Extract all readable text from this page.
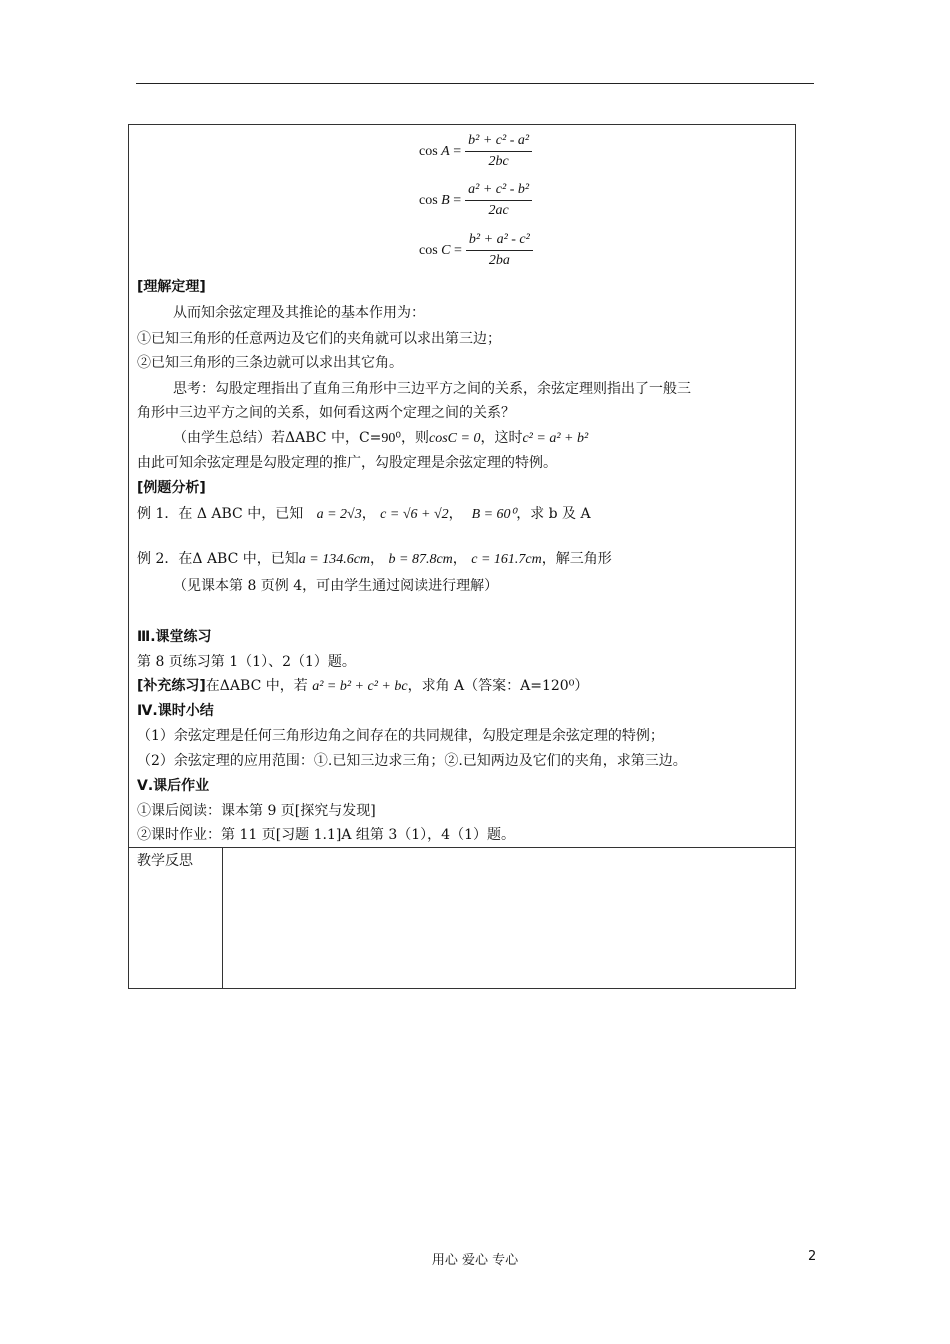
cos
$A = \frac{\text{b² + c² - a²}}{2bc}$
cos
$B = \frac{\text{a² + c² - b²}}{2ac}$
cos
$C = \frac{\text{b² + a² - c²}}{2ba}$
[理解定理]
从而知余弦定理及其推论的基本作用为：
①已知三角形的任意两边及它们的夹角就可以求出第三边；
②已知三角形的三条边就可以求出其它角。
思考：勾股定理指出了直角三角形中三边平方之间的关系，余弦定理则指出了一般三
角形中三边平方之间的关系，如何看这两个定理之间的关系？
（由学生总结）若ΔABC 中，C=90⁰，则cosC = 0，这时c² = a² + b²
由此可知余弦定理是勾股定理的推广，勾股定理是余弦定理的特例。
[例题分析]
例 1．在 Δ ABC 中，已知 a = 2√3， c = √6 + √2，  B = 60⁰，求 b 及 A
例 2．在Δ ABC 中，已知a = 134.6cm， b = 87.8cm， c = 161.7cm，解三角形
（见课本第 8 页例 4，可由学生通过阅读进行理解）
Ⅲ.课堂练习
第 8 页练习第 1（1）、2（1）题。
[补充练习]在ΔABC 中，若 a² = b² + c² + bc，求角 A（答案：A=120⁰）
Ⅳ.课时小结
（1）余弦定理是任何三角形边角之间存在的共同规律，勾股定理是余弦定理的特例；
（2）余弦定理的应用范围：①.已知三边求三角；②.已知两边及它们的夹角，求第三边。
Ⅴ.课后作业
①课后阅读：课本第 9 页[探究与发现]
②课时作业：第 11 页[习题 1.1]A 组第 3（1），4（1）题。
教学反思
用心 爱心 专心	2
